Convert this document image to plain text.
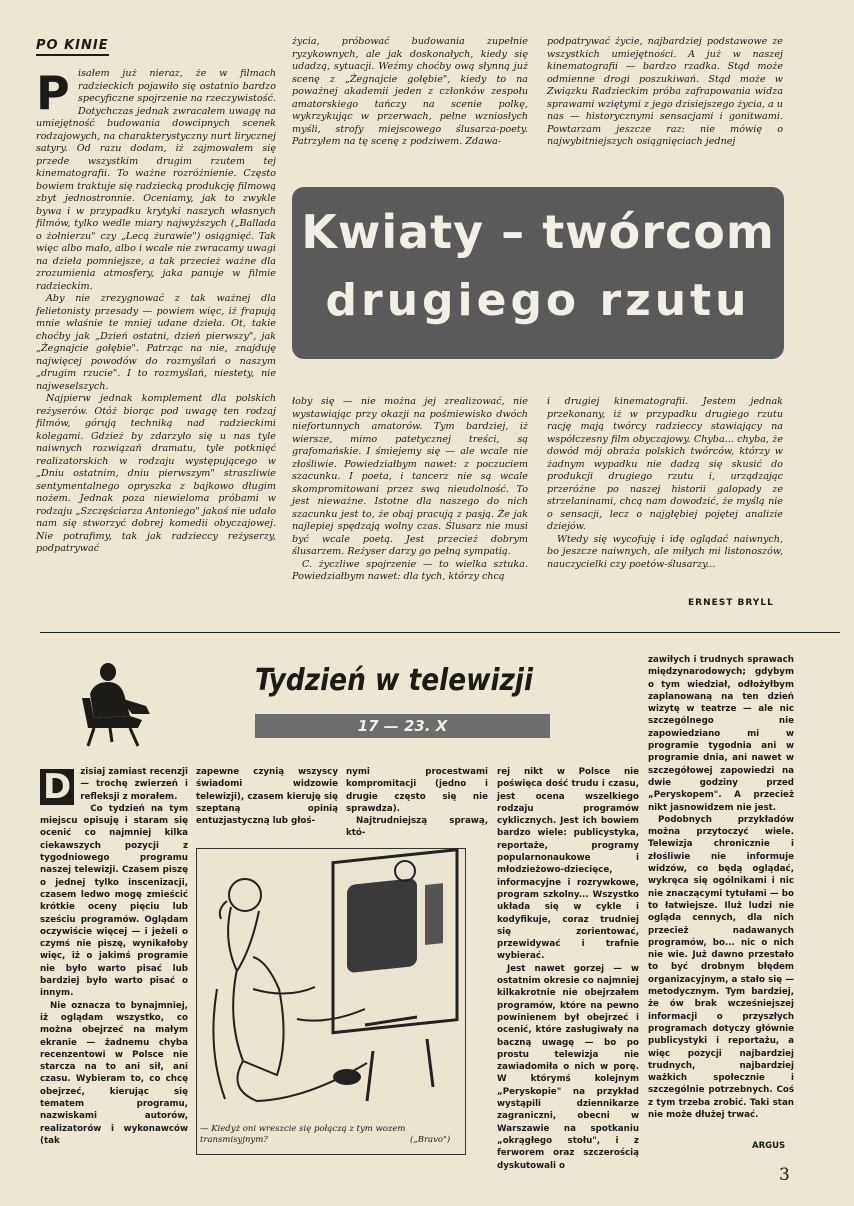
PO KINIE
P isałem już nieraz, że w filmach radzieckich pojawiło się ostatnio bardzo specyficzne spojrzenie na rzeczywistość. Dotychczas jednak zwracałem uwagę na umiejętność budowania dowcipnych scenek rodzajowych, na charakterystyczny nurt lirycznej satyry. Od razu dodam, iż zajmowałem się przede wszystkim drugim rzutem tej kinematografii. To ważne rozróżnienie. Często bowiem traktuje się radziecką produkcję filmową zbyt jednostronnie. Oceniamy, jak to zwykle bywa i w przypadku krytyki naszych własnych filmów, tylko wedle miary najwyższych („Ballada o żołnierzu" czy „Lecą żurawie") osiągnięć. Tak więc albo mało, albo i wcale nie zwracamy uwagi na dzieła pomniejsze, a tak przecież ważne dla zrozumienia atmosfery, jaka panuje w filmie radzieckim.

Aby nie zrezygnować z tak ważnej dla felietonisty przesady — powiem więc, iż frapują mnie właśnie te mniej udane dzieła. Ot, takie choćby jak „Dzień ostatni, dzień pierwszy", jak „Żegnajcie gołębie". Patrząc na nie, znajduję najwięcej powodów do rozmyślań o naszym „drugim rzucie". I to rozmyślań, niestety, nie najweselszych.

Najpierw jednak komplement dla polskich reżyserów. Otóż biorąc pod uwagę ten rodzaj filmów, górują techniką nad radzieckimi kolegami. Gdzież by zdarzyło się u nas tyle naiwnych rozwiązań dramatu, tyle potknięć realizatorskich w rodzaju występującego w „Dniu ostatnim, dniu pierwszym" straszliwie sentymentalnego opryszka z bajkowo długim nożem. Jednak poza niewieloma próbami w rodzaju „Szczęściarza Antoniego" jakoś nie udało nam się stworzyć dobrej komedii obyczajowej. Nie potrafimy, tak jak radzieccy reżyserzy, podpatrywać

życia, próbować budowania zupełnie ryzykownych, ale jak doskonałych, kiedy się udadzą, sytuacji. Weźmy choćby ową słynną już scenę z „Żegnajcie gołębie", kiedy to na poważnej akademii jeden z członków zespołu amatorskiego tańczy na scenie polkę, wykrzykując w przerwach, pełne wzniosłych myśli, strofy miejscowego ślusarza-poety. Patrzyłem na tę scenę z podziwem. Zdawa-

podpatrywać życie, najbardziej podstawowe ze wszystkich umiejętności. A już w naszej kinematografii — bardzo rzadka. Stąd może odmienne drogi poszukiwań. Stąd może w Związku Radzieckim próba zafrapowania widza sprawami wziętymi z jego dzisiejszego życia, a u nas — historycznymi sensacjami i gonitwami. Powtarzam jeszcze raz: nie mówię o najwybitniejszych osiągnięciach jednej

Kwiaty – twórcom
drugiego rzutu

łoby się — nie można jej zrealizować, nie wystawiając przy okazji na pośmiewisko dwóch niefortunnych amatorów. Tym bardziej, iż wiersze, mimo patetycznej treści, są grafomańskie. I śmiejemy się — ale wcale nie złośliwie. Powiedziałbym nawet: z poczuciem szacunku. I poeta, i tancerz nie są wcale skompromitowani przez swą nieudolność. To jest nieważne. Istotne dla naszego do nich szacunku jest to, że obaj pracują z pasją. Że jak najlepiej spędzają wolny czas. Ślusarz nie musi być wcale poetą. Jest przecież dobrym ślusarzem. Reżyser darzy go pełną sympatią.

C. życzliwe spojrzenie — to wielka sztuka. Powiedziałbym nawet: dla tych, którzy chcą

i drugiej kinematografii. Jestem jednak przekonany, iż w przypadku drugiego rzutu rację mają twórcy radzieccy stawiający na współczesny film obyczajowy. Chyba... chyba, że dowód mój obraża polskich twórców, którzy w żadnym wypadku nie dadzą się skusić do produkcji drugiego rzutu i, urządzając przeróżne po naszej historii galopady ze strzelaninami, chcą nam dowodzić, że myślą nie o sensacji, lecz o najgłębiej pojętej analizie dziejów.

Wtedy się wycofuję i idę oglądać naiwnych, bo jeszcze naiwnych, ale miłych mi listonoszów, nauczycielki czy poetów-ślusarzy...

ERNEST BRYLL
Tydzień w telewizji
17 — 23. X
D	zisiaj zamiast recenzji — trochę zwierzeń i refleksji z morałem.

Co tydzień na tym miejscu opisuję i staram się ocenić co najmniej kilka ciekawszych pozycji z tygodniowego programu naszej telewizji. Czasem piszę o jednej tylko inscenizacji, czasem ledwo mogę zmieścić krótkie oceny pięciu lub sześciu programów. Oglądam oczywiście więcej — i jeżeli o czymś nie piszę, wynikałoby więc, iż o jakimś programie nie było warto pisać lub bardziej było warto pisać o innym.

Nie oznacza to bynajmniej, iż oglądam wszystko, co można obejrzeć na małym ekranie — żadnemu chyba recenzentowi w Polsce nie starcza na to ani sił, ani czasu. Wybieram to, co chcę obejrzeć, kierując się tematem programu, nazwiskami autorów, realizatorów i wykonawców (tak

zapewne czynią wszyscy świadomi widzowie telewizji), czasem kieruję się szeptaną opinią entuzjastyczną lub głoś-

nymi procestwami kompromitacji (jedno i drugie często się nie sprawdza).

Najtrudniejszą sprawą, któ-

— Kiedyż oni wreszcie się połączą z tym wozem transmisyjnym?	(„Bravo")

rej nikt w Polsce nie poświęca dość trudu i czasu, jest ocena wszelkiego rodzaju programów cyklicznych. Jest ich bowiem bardzo wiele: publicystyka, reportaże, programy popularnonaukowe i młodzieżowo-dziecięce, informacyjne i rozrywkowe, program szkolny... Wszystko układa się w cykle i kodyfikuje, coraz trudniej się zorientować, przewidywać i trafnie wybierać.

Jest nawet gorzej — w ostatnim okresie co najmniej kilkakrotnie nie obejrzałem programów, które na pewno powinienem był obejrzeć i ocenić, które zasługiwały na baczną uwagę — bo po prostu telewizja nie zawiadomiła o nich w porę. W którymś kolejnym „Peryskopie" na przykład wystąpili dziennikarze zagraniczni, obecni w Warszawie na spotkaniu „okrągłego stołu", i z ferworem oraz szczerością dyskutowali o

zawiłych i trudnych sprawach międzynarodowych; gdybym o tym wiedział, odłożyłbym zaplanowaną na ten dzień wizytę w teatrze — ale nic szczególnego nie zapowiedziano mi w programie tygodnia ani w programie dnia, ani nawet w szczegółowej zapowiedzi na dwie godziny przed „Peryskopem". A przecież nikt jasnowidzem nie jest.

Podobnych przykładów można przytoczyć wiele. Telewizja chronicznie i złośliwie nie informuje widzów, co będą oglądać, wykręca się ogólnikami i nic nie znaczącymi tytułami — bo to łatwiejsze. Iluż ludzi nie ogląda cennych, dla nich przecież nadawanych programów, bo... nic o nich nie wie. Już dawno przestało to być drobnym błędem organizacyjnym, a stało się — metodycznym. Tym bardziej, że ów brak wcześniejszej informacji o przyszłych programach dotyczy głównie publicystyki i reportażu, a więc pozycji najbardziej trudnych, najbardziej ważkich społecznie i szczególnie potrzebnych. Coś z tym trzeba zrobić. Taki stan nie może dłużej trwać.

ARGUS
3
